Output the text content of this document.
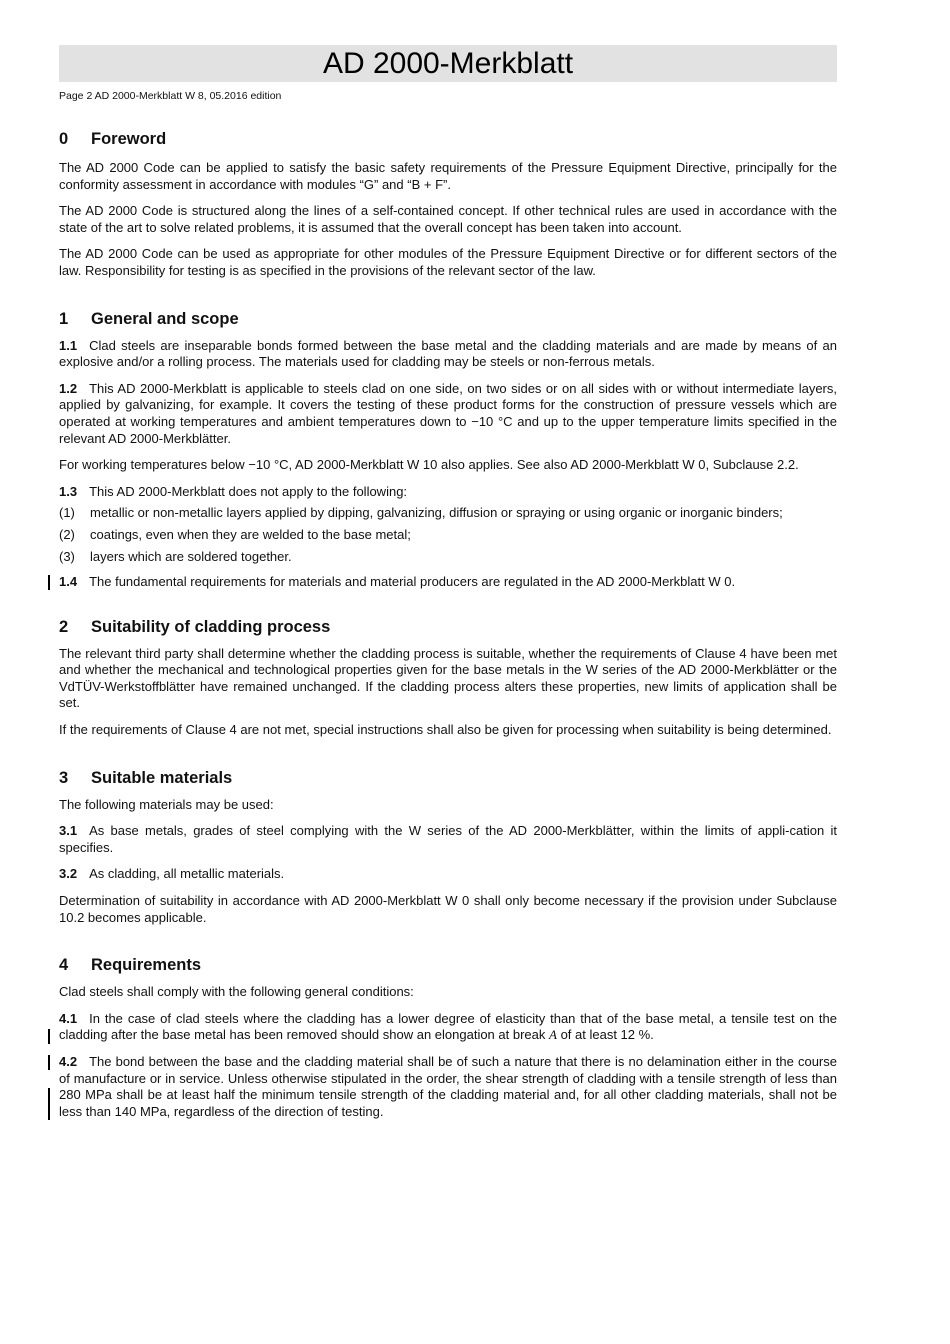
AD 2000-Merkblatt
Page 2 AD 2000-Merkblatt W 8, 05.2016 edition
0 Foreword

The AD 2000 Code can be applied to satisfy the basic safety requirements of the Pressure Equipment Directive, principally for the conformity assessment in accordance with modules “G” and “B + F”.

The AD 2000 Code is structured along the lines of a self-contained concept. If other technical rules are used in accordance with the state of the art to solve related problems, it is assumed that the overall concept has been taken into account.

The AD 2000 Code can be used as appropriate for other modules of the Pressure Equipment Directive or for different sectors of the law. Responsibility for testing is as specified in the provisions of the relevant sector of the law.

1 General and scope

1.1 Clad steels are inseparable bonds formed between the base metal and the cladding materials and are made by means of an explosive and/or a rolling process. The materials used for cladding may be steels or non-ferrous metals.

1.2 This AD 2000-Merkblatt is applicable to steels clad on one side, on two sides or on all sides with or without intermediate layers, applied by galvanizing, for example. It covers the testing of these product forms for the construction of pressure vessels which are operated at working temperatures and ambient temperatures down to −10 °C and up to the upper temperature limits specified in the relevant AD 2000-Merkblätter.

For working temperatures below −10 °C, AD 2000-Merkblatt W 10 also applies. See also AD 2000-Merkblatt W 0, Subclause 2.2.

1.3 This AD 2000-Merkblatt does not apply to the following:

(1) metallic or non-metallic layers applied by dipping, galvanizing, diffusion or spraying or using organic or inorganic binders;

(2) coatings, even when they are welded to the base metal;

(3) layers which are soldered together.

1.4 The fundamental requirements for materials and material producers are regulated in the AD 2000-Merkblatt W 0.

2 Suitability of cladding process

The relevant third party shall determine whether the cladding process is suitable, whether the requirements of Clause 4 have been met and whether the mechanical and technological properties given for the base metals in the W series of the AD 2000-Merkblätter or the VdTÜV-Werkstoffblätter have remained unchanged. If the cladding process alters these properties, new limits of application shall be set.

If the requirements of Clause 4 are not met, special instructions shall also be given for processing when suitability is being determined.

3 Suitable materials

The following materials may be used:

3.1 As base metals, grades of steel complying with the W series of the AD 2000-Merkblätter, within the limits of appli-cation it specifies.

3.2 As cladding, all metallic materials.

Determination of suitability in accordance with AD 2000-Merkblatt W 0 shall only become necessary if the provision under Subclause 10.2 becomes applicable.

4 Requirements

Clad steels shall comply with the following general conditions:

4.1 In the case of clad steels where the cladding has a lower degree of elasticity than that of the base metal, a tensile test on the cladding after the base metal has been removed should show an elongation at break A of at least 12 %.

4.2 The bond between the base and the cladding material shall be of such a nature that there is no delamination either in the course of manufacture or in service. Unless otherwise stipulated in the order, the shear strength of cladding with a tensile strength of less than 280 MPa shall be at least half the minimum tensile strength of the cladding material and, for all other cladding materials, shall not be less than 140 MPa, regardless of the direction of testing.
